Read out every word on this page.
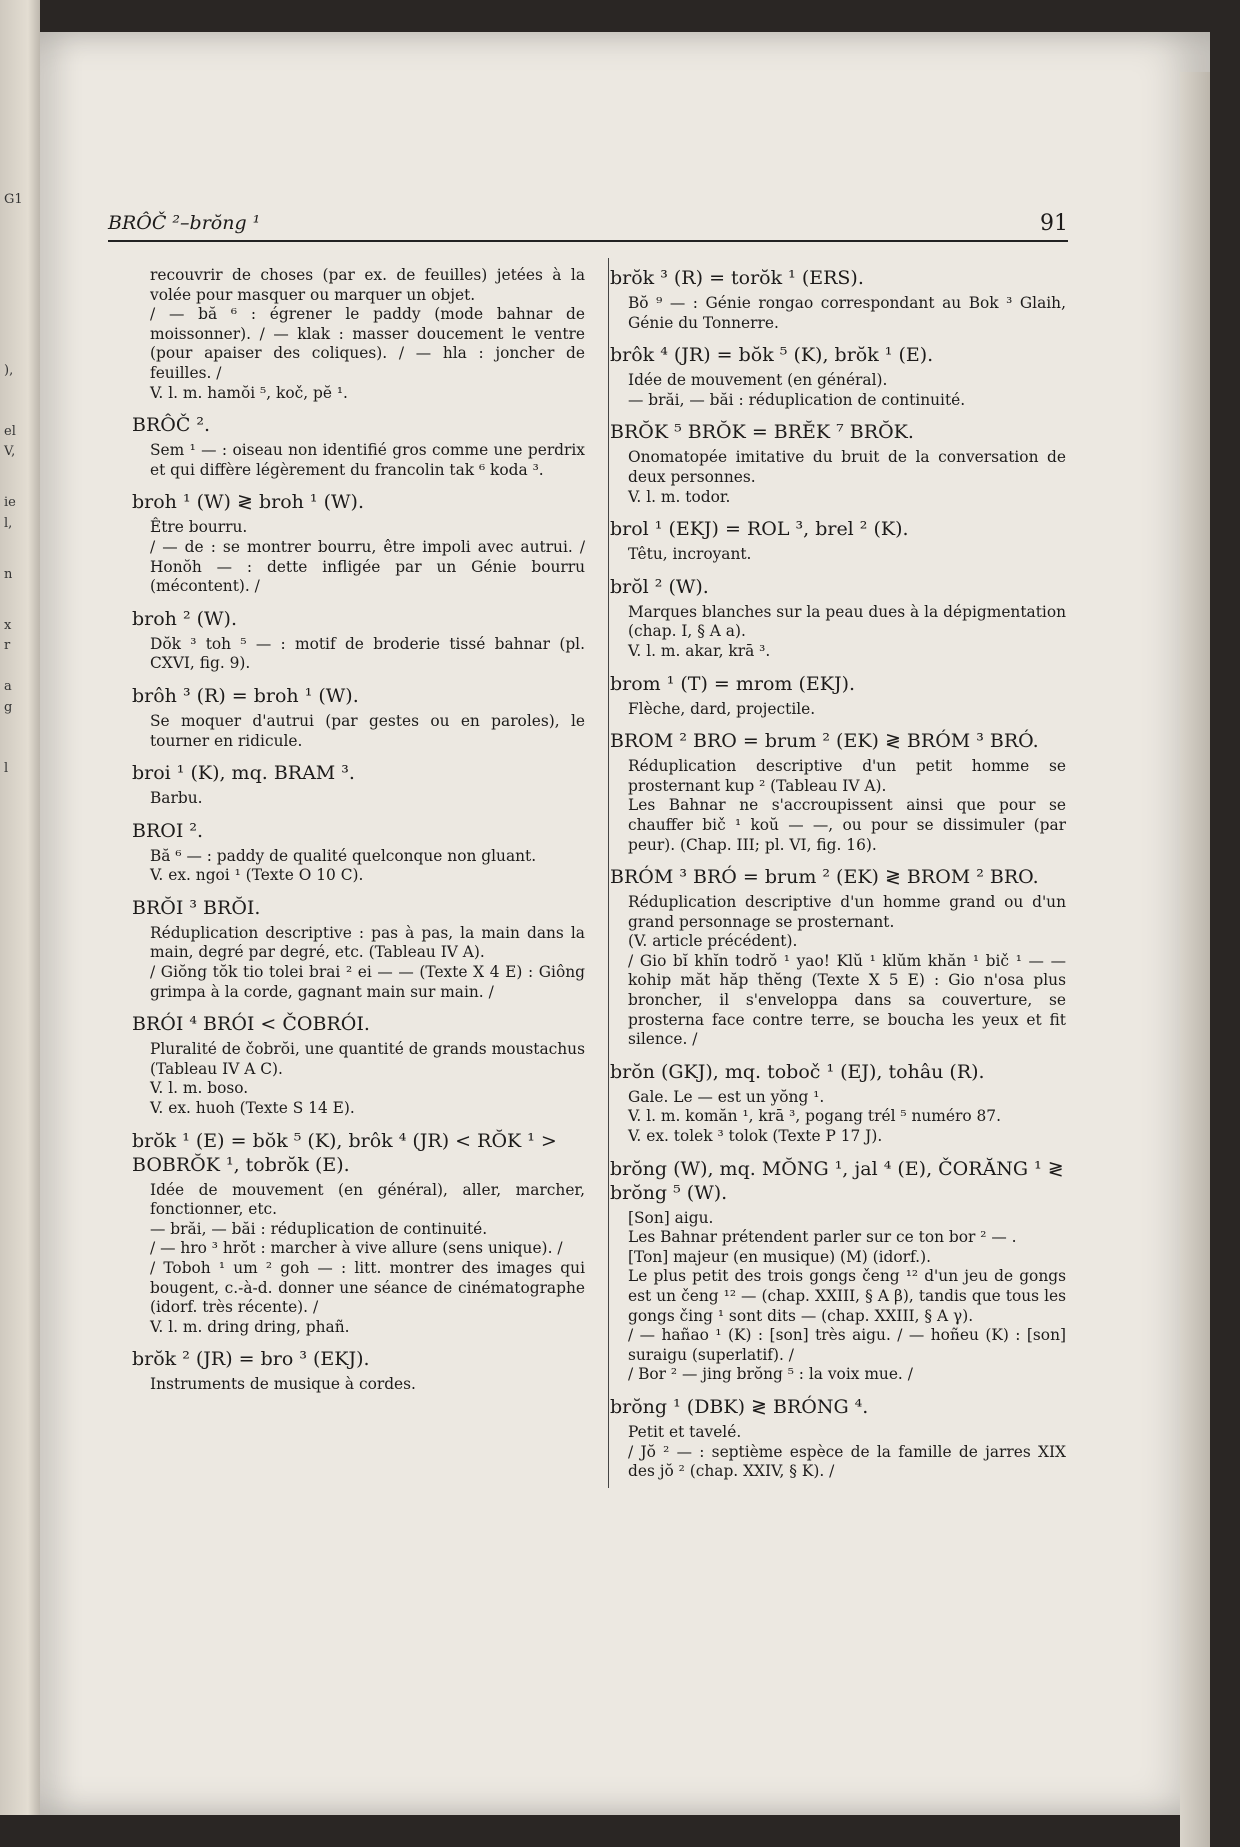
G1
),
el
V,
ie
l,
n
x
r
a
g
l
BRÔČ ²–brŏng ¹	91

recouvrir de choses (par ex. de feuilles) jetées à la volée pour masquer ou marquer un objet.

/ — bă ⁶ : égrener le paddy (mode bahnar de moissonner). / — klak : masser doucement le ventre (pour apaiser des coliques). / — hla : joncher de feuilles. /

V. l. m. hamŏi ⁵, koč, pĕ ¹.

BRÔČ ².

Sem ¹ — : oiseau non identifié gros comme une perdrix et qui diffère légèrement du francolin tak ⁶ koda ³.

broh ¹ (W) ≷ broh ¹ (W).

Être bourru.

/ — de : se montrer bourru, être impoli avec autrui. / Honŏh — : dette infligée par un Génie bourru (mécontent). /

broh ² (W).

Dŏk ³ toh ⁵ — : motif de broderie tissé bahnar (pl. CXVI, fig. 9).

brôh ³ (R) = broh ¹ (W).

Se moquer d'autrui (par gestes ou en paroles), le tourner en ridicule.

broi ¹ (K), mq. BRAM ³.

Barbu.

BROI ².

Bă ⁶ — : paddy de qualité quelconque non gluant.

V. ex. ngoi ¹ (Texte O 10 C).

BRŎI ³ BRŎI.

Réduplication descriptive : pas à pas, la main dans la main, degré par degré, etc. (Tableau IV A).

/ Giŏng tŏk tio tolei brai ² ei — — (Texte X 4 E) : Giông grimpa à la corde, gagnant main sur main. /

BRÓI ⁴ BRÓI < ČOBRÓI.

Pluralité de čobrŏi, une quantité de grands moustachus (Tableau IV A C).

V. l. m. boso.

V. ex. huoh (Texte S 14 E).

brŏk ¹ (E) = bŏk ⁵ (K), brôk ⁴ (JR) < RŎK ¹ > BOBRŎK ¹, tobrŏk (E).

Idée de mouvement (en général), aller, marcher, fonctionner, etc.

— brăi, — băi : réduplication de continuité.

/ — hro ³ hrŏt : marcher à vive allure (sens unique). /

/ Toboh ¹ um ² goh — : litt. montrer des images qui bougent, c.-à-d. donner une séance de cinématographe (idorf. très récente). /

V. l. m. dring dring, phañ.

brŏk ² (JR) = bro ³ (EKJ).

Instruments de musique à cordes.

brŏk ³ (R) = torŏk ¹ (ERS).

Bŏ ⁹ — : Génie rongao correspondant au Bok ³ Glaih, Génie du Tonnerre.

brôk ⁴ (JR) = bŏk ⁵ (K), brŏk ¹ (E).

Idée de mouvement (en général).

— brăi, — băi : réduplication de continuité.

BRŎK ⁵ BRŎK = BRĔK ⁷ BRŎK.

Onomatopée imitative du bruit de la conversation de deux personnes.

V. l. m. todor.

brol ¹ (EKJ) = ROL ³, brel ² (K).

Têtu, incroyant.

brŏl ² (W).

Marques blanches sur la peau dues à la dépigmentation (chap. I, § A a).

V. l. m. akar, krā ³.

brom ¹ (T) = mrom (EKJ).

Flèche, dard, projectile.

BROM ² BRO = brum ² (EK) ≷ BRÓM ³ BRÓ.

Réduplication descriptive d'un petit homme se prosternant kup ² (Tableau IV A).

Les Bahnar ne s'accroupissent ainsi que pour se chauffer bič ¹ koŭ — —, ou pour se dissimuler (par peur). (Chap. III; pl. VI, fig. 16).

BRÓM ³ BRÓ = brum ² (EK) ≷ BROM ² BRO.

Réduplication descriptive d'un homme grand ou d'un grand personnage se prosternant.

(V. article précédent).

/ Gio bĭ khĭn todrŏ ¹ yao! Klŭ ¹ klŭm khăn ¹ bič ¹ — — kohip măt hăp thĕng (Texte X 5 E) : Gio n'osa plus broncher, il s'enveloppa dans sa couverture, se prosterna face contre terre, se boucha les yeux et fit silence. /

brŏn (GKJ), mq. toboč ¹ (EJ), tohâu (R).

Gale. Le — est un yŏng ¹.

V. l. m. komăn ¹, krā ³, pogang trél ⁵ numéro 87.

V. ex. tolek ³ tolok (Texte P 17 J).

brŏng (W), mq. MŎNG ¹, jal ⁴ (E), ČORĂNG ¹ ≷ brŏng ⁵ (W).

[Son] aigu.

Les Bahnar prétendent parler sur ce ton bor ² — .

[Ton] majeur (en musique) (M) (idorf.).

Le plus petit des trois gongs čeng ¹² d'un jeu de gongs est un čeng ¹² — (chap. XXIII, § A β), tandis que tous les gongs čing ¹ sont dits — (chap. XXIII, § A γ).

/ — hañao ¹ (K) : [son] très aigu. / — hoñeu (K) : [son] suraigu (superlatif). /

/ Bor ² — jing brŏng ⁵ : la voix mue. /

brŏng ¹ (DBK) ≷ BRÓNG ⁴.

Petit et tavelé.

/ Jŏ ² — : septième espèce de la famille de jarres XIX des jŏ ² (chap. XXIV, § K). /
